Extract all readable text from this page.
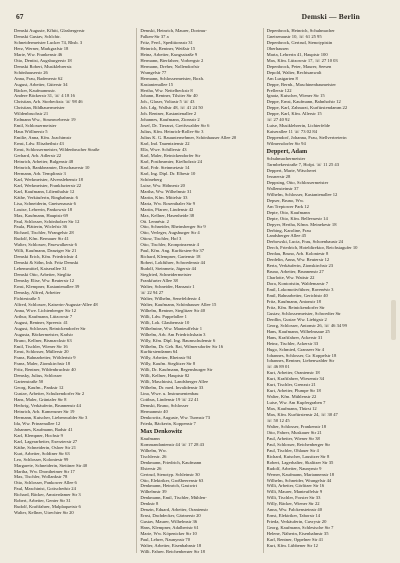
67	Demski — Berlin
Demski Auguste, Kfhitt, Glasbergerstr
Demski Gustav, Schlchtr.
Schneidermeister Lucker 74, Rhsb. 3
Herz, Werner, Markgrafstr 18
Marie, Ww. Frankenstr 46
Otto, Dentist, Augsburgerstr 18
Demski Robert, Musiklehrerstr.
Schönhauserstr 26
Anna, Frau, Badenerstr 62
August, Arbeiter, Güterstr 34
Bäcker, Kaufmannsstr.
Andere Bäckerstr 31, ☏ 4 18 16
Christian, Arb. Storbeckstr. ☏ 98 46
Christian, Bildhauermeister
Wildenbruchstr 21
Erdmann Ww., Strumweberstr 19
Emil, Schlossermeister
Haus Wöllnerstr 5
Emilie, Anna, Kfm. Joachimstr
Ernst, Ldw. Elisabethstr 43
Ernst, Schlossermeister, Wildenbrucher Straße
Gerhard, Arb. Adlerstr 22
Heinrich, Arbeiter, Bulgenstr 48
Heinrich, Bankbeamter, Dirschauerstr 10
Hermann, Arb. Templinstr 3
Karl, Werkmeister, Alvenslebenstr 18
Karl, Werkmeister, Frankfurterstr 22
Karl, Kaufmann, Lilienthalstr 12
Käthe, Verkäuferin, Ringbahnstr. 6
Lisa, Schneiderin, Gneisenaustr 6
Louise, Lehrerin, Pankowstr 18
Max, Kaufmann, Hauptstr 69
Paul, Schlosser, Schönholzer Str 12
Paula, Plätterin, Wiclefstr 36
Richard, Tischler, Wrangelstr 28
Rudolf, Kfm. Bernauer Str 41
Walter, Schlosser, Pasewalkerstr 6
Willi, Kaufmann, Danziger Str 21
Demski Erich, Kfm. Friedrichstr 4
Demski & Söhn, Inh. Fritz Demski
Lebensmittel, Kaiserallee 31
Demski Otto, Arbeiter, Steglitz
Demsky Elise, Ww. Reuterstr 12
Ernst, Klempner, Kastanienallee 39
Demsky, Alfred, Arbeiter
Fichtestraße 5
Alfred, Schlosser, Kaiserin-Augusta-Allee 48
Anna, Wwe. Lichtenberger Str 12
Arthur, Kaufmann, Lützowstr 7
August, Rentner, Spreestr. 41
August, Schlosser, Reinickendorfer Str
Augusta, Bäckermeister, Karlstr
Bruno, Kellner, Bismarckstr 63
Emil, Tischler, Wiener Str 16
Ernst, Schlosser, Müllerstr 20
Franz, Bahnarbeiter, Wöhlertstr 9
Franz, Maler, Zionskirchstr 18
Fritz, Rentner, Wildenbruchstr 40
Demsky, Julius, Schlosser
Gartenstraße 50
Georg, Kaufm., Pankstr 12
Gustav, Arbeiter, Schulzendorfer Str 2
Hans, Maler, Grüntaler Str 8
Hedwig, Verkäuferin, Brunnenstr 44
Heinrich, Arb. Kameruner Str 19
Hermann, Kutscher, Liebenwalder Str 3
Ida, Ww. Prinzenallee 12
Johannes, Kaufmann, Badstr 41
Karl, Klempner, Hochstr 9
Karl, Lagerarbeiter, Exerzierstr 27
Käthe, Schneiderin, Osloer Str 21
Kurt, Arbeiter, Soldiner Str 63
Leo, Schlosser, Koloniestr 99
Margarete, Schneiderin, Stettiner Str 40
Martha, Ww. Drontheimer Str 17
Max, Tischler, Wollankstr 78
Otto, Schlosser, Pankower Allee 6
Paul, Maschinist, Gottschedstr 24
Richard, Bäcker, Amsterdamer Str 3
Robert, Arbeiter, Genter Str 31
Rudolf, Kraftfahrer, Malplaquetstr 6
Walter, Kellner, Utrechter Str 20
Demski, Heinrich, Maurer, Dortmu-
Falken-Str 37 a
Fritz, Ferd., Speditionsstr 31
Heinrich, Rentner, Weißstr 15
Heinz, Arbeiter, Kungsstraße 9
Hermann, Bierfahrer, Vorbergstr 2
Hermann, Dreher, Nollendorfstr
Wrangelstr 77
Hermann, Schlossermeister, Boxh.
Kastanienallee 15
Hertha, Ww. Nettelbeckstr 8
Johann, Rentner, Tilsiter Str 40
Joh., Glaser, Voltastr 5 ☏ 43
Joh. Ldg. Wallstr 48, ☏ 41 24 50
Joh. Rentner, Kastanienallee 2
Johannes, Kaufmann, Zionsstr 2
Josef, Dr. Tierarzt, Greifswalder Str 6
Julius, Kfm. Heinrich-Roller-Str 3
Julius K. G. Bauunternehmer, Schönhauser Allee 20
Karl, Ind. Tauentzienstr 22
Ella, Wwe. Schillerstr 43
Karl, Maler, Reinickendorfer Str
Karl, Postbeamter, Kiefholzstr 24
Karl, Frdr. Steinmetzstr 14
Karl, Ing. Dipl. Dr. Elbestr 10
Schöneberg
Luise, Ww. Höhnestr 20
Martha, Ww. Wilhelmstr 31
Martin, Kfm. Mittelstr 33
Maria, Ww. Rosenthaler Str 9
Martin, Pfarrer, Lindenstr 42
Max, Kellner, Hasenheide 38
Ott. Lennéstr. 2
Otto, Schneider, Rheinsberger Str 9
Otto, Verleger, Augsburger Str 4
Ottow, Tischler, Hof 3
Otto, Tischler, Kronprinzenstr 4
Paul, Kfm. Ang. Kurfürsten-Str 37
Richard, Klempner, Gartenstr 18
Robert, Lokführer, Schwedenstr 44
Rudolf, Steinmetz, Jägerstr 44
Siegfried, Schneidermeister
Frankfurter Allee 38
Walter, Schneider, Hansastr 1
☏ 22 94 27
Walter, Wilhelm, Senefelderstr 4
Walter, Kaufmann, Schönhauser Allee 15
Wilhelm, Rentner, Steglitzer Str 40
Willi, Ldw. Pappelallee 1
Willi, Lok. Glaubensstr 10
Wilhelmine, Ww. Manteuffelstr 1
Wilhelm, Arb. Am Friedrichshain 3
Willy, Kfm. Dipl. Ing. Baumschulenstr 6
Wilhelm, Dr. Geh. Rat, Wilmersdorfer Str 16
Kurfürstendamm 64
Willy, Arbeiter, Rheinstr 94
Willy, Kaufm. Steglitzer Str 8
Willi, Dr. Kaufmann, Regensburger Str
Willi, Kellner, Hauptstr 82
Willi, Maschinist, Landsberger Allee
Wilhelm, Dr. med. Invalidenstr 33
Lina, Wwe. u. Instrumentenbau
Cottbus, Lindenstr 19 ☏ 22 41
Demski, Bruno, Schlosser
Hermannstr 40
Denkowitz, Auguste, Ww. Turmstr 73
Frieda, Bäckerin, Koppenstr 7
Max Denkowitz
Kaufmann
Kommandantenstr 44 ☏ 17 28 43
Wilhelm, Ww.
Tischlerstr. 26
Denkmann, Friedrich, Kaufmann
Elsterstr 26
Gertrud, Stenotyp. Schleinstr 30
Otto, Elektriker, Großbeerenstr 63
Denkmann, Heinrich, Gastwirt
Wilhelmstr 39
Denkmann, Emil, Tischler, Mühlen-
Denkstr 8
Denzin, Eduard, Arbeiter, Oranienstr
Ernst, Dachdecker, Gärtnerstr 20
Gustav, Maurer, Wilhelmstr 36
Hans, Klempner, Adalbertstr 61
Marie, Ww. Köpenicker Str 10
Paul, Lehrer, Naunynstr 70
Walter, Arbeiter, Eisenbahnstr 18
Willi, Fahrer, Reichenberger Str 18
Depenbrock, Heinrich, Schuhmacher
Gneisenaustr 10, ☏ 61 25 95
Depenbrock, Gertrud, Stenotypistin
Oberhausen
Marta, Lehrerin 41, Hauptstr 100
Max, Kfm. Lützowstr 17, ☏ 27 10 03
Depenbrock, Peter, Maurer, Seesen
Depold, Walter, Rechtsanwalt
Am Lustgarten 8
Deppe, Bernh., Maschinenbaumeister
Prellerstr 122
Ignatz, Kutscher, Wiener Str 15
Deppe, Ernst, Kaufmann, Bahnhofstr 12
Deppe, Karl, Zahnarzt, Kurfürstendamm 22
Deppe, Karl, Kfm. Allerstr 15
☏ 27 40 92
Luise, Musiklehrerin, Lichterfelde
Kaiserallee 11 ☏ 73 02 84
Deppendorf, Johanna, Frau, Stellvertreterin
Wilmersdorfer Str 94
Deppert, Adam
Schuhmachermeister
Tarmbekerstraße 7, Hofpt. ☏ 11 25 43
Deppert, Marie, Wäscherei
Jessnerstr 28
Deppsing, Otto, Schlossermeister
Wallensteinstr 37
Wilhelm, Schlosser, Kastanienallee 12
Depser, Bruno, Ww.
Am Treptower Park 12
Depte, Otto, Kaufmann
Depte, Otto, Kfm. Bellevuestr 14
Depyer, Hertha, Kfmn. Meinekestr 18
Derbing, Karoline, Frau
Landsberger Allee 45
Derbowski, Lucia, Frau, Schoenbaustr 24
Derch, Friedrich, Hoteldirektor, Reichstagufer 10
Derdau, Bruno, Arb. Koloniestr 8
Derdelin, Anna, Ww. Reuterstr 12
Berta, Verkäuferin, Zionskirchstr 23
Bruno, Arbeiter, Brunnenstr 27
Charlotte, Ww. Wattstr 22
Dora, Kontoristin, Waldemarstr 7
Emil, Lokomotivführer, Ravenéstr 3
Emil, Bahnarbeiter, Gerichtstr 40
Fritz, Kaufmann, Antonstr 18
Fritz, Kfm. Reinickendorfer Str
Gustav, Schlossermeister, Schwedter Str
Derdlin, Gustav Ww. Liebigstr 2
Georg, Schlosser, Antonstr 26, ☏ 46 34 99
Hans, Kaufmann, Wilhelmsaue 25
Hans, Kraftfahrer, Ackerstr 31
Heinz, Tischler, Ackerstr 33
Hugo, Schmied, Granseer Str 4
Johannes, Schlosser, Gr. Koppelstr 18
Johannes, Rentner, Liebenwalder Str
☏ 46 89 01
Kurt, Arbeiter, Oranienstr 18
Kurt, Kraftfahrer, Wiesenstr 34
Kurt, Tischler, Grenzstr 21
Kurt, Arbeiter, Plumpe Str 18
Walter, Kfm. Mühlenstr 22
Luise, Ww. Am Kupfergraben 7
Max, Kaufmann, Thürst 12
Max, Kfm. Kurfürstenstr 24, ☏ 30 47
☏ 50 12 45
Walter, Schlosser, Frankenstr 18
Otto, Fahrer, Muskauer Str 21
Paul, Arbeiter, Wiener Str 38
Paul, Schlosser, Reichenberger Str
Paul, Tischler, Ohlauer Str 4
Richard, Kutscher, Lausitzer Str 8
Robert, Lagerhalter, Skalitzer Str 35
Rudolf, Arbeiter, Naunynstr 9
Werner, Kaufmann, Mariannenstr 18
Wilhelm, Schneider, Wrangelstr 44
Willi, Arbeiter, Görlitzer Str 16
Willi, Maurer, Manteuffelstr 9
Willi, Tischler, Forster Str 33
Willy, Bäcker, Wiener Str 22
Anna, Ww. Falckensteinstr 40
Ernst, Elektriker, Taborstr 14
Frieda, Verkäuferin, Cuvrystr 20
Georg, Kaufmann, Schlesische Str 7
Helene, Näherin, Eisenbahnstr 35
Karl, Rentner, Oppelner Str 41
Kurt, Kfm. Lübbener Str 12
